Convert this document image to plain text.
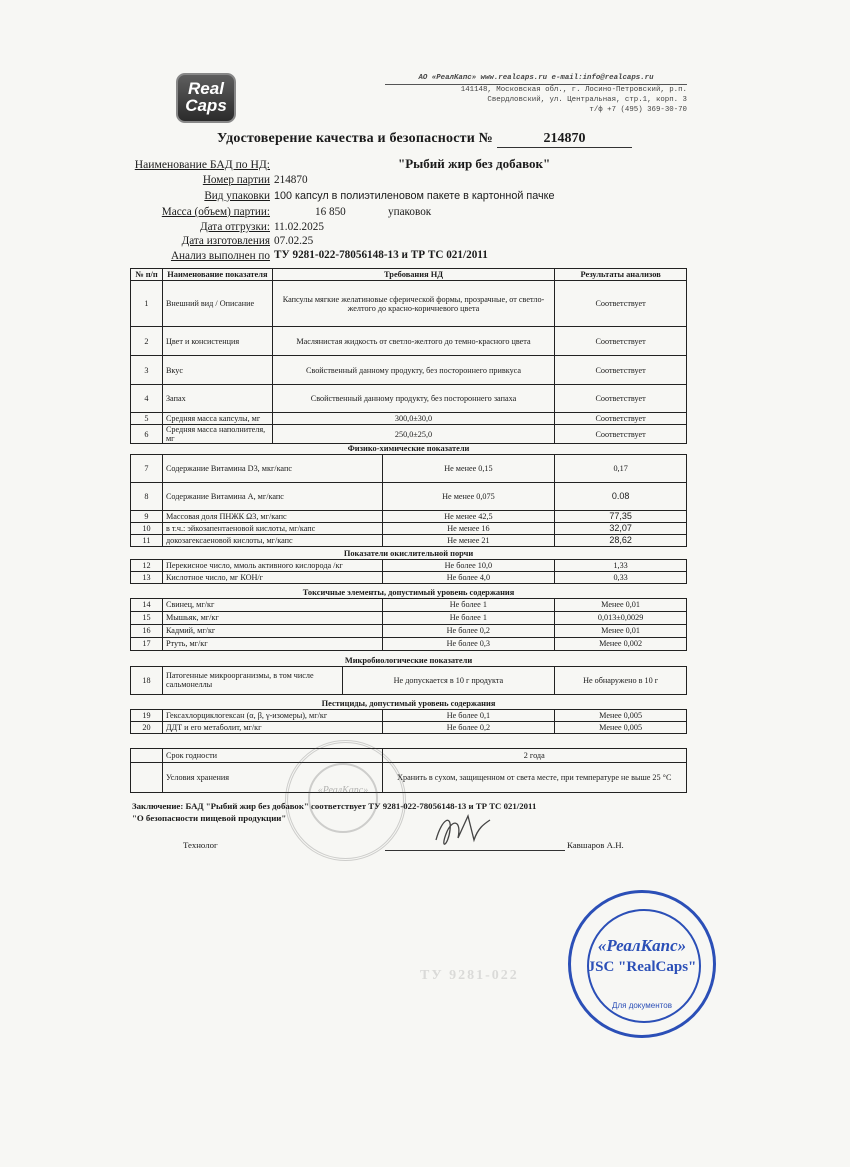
Real
Caps
АО «РеалКапс» www.realcaps.ru e-mail:info@realcaps.ru
141148, Московская обл., г. Лосино-Петровский, р.п.
Свердловский, ул. Центральная, стр.1, корп. 3
т/ф +7 (495) 369-30-70
Удостоверение качества и безопасности №	214870
Наименование БАД по НД:	"Рыбий жир без добавок"
Номер партии 214870
Вид упаковки 100 капсул в полиэтиленовом пакете в картонной пачке
Масса (объем) партии:	16 850	упаковок
Дата отгрузки: 11.02.2025
Дата изготовления 07.02.25
Анализ выполнен по ТУ 9281-022-78056148-13 и ТР ТС 021/2011
№ п/п	Наименование показателя	Требования НД	Результаты анализов
1	Внешний вид / Описание	Капсулы мягкие желатиновые сферической формы, прозрачные, от светло-желтого до красно-коричневого цвета	Соответствует
2	Цвет и консистенция	Маслянистая жидкость от светло-желтого до темно-красного цвета	Соответствует
3	Вкус	Свойственный данному продукту, без постороннего привкуса	Соответствует
4	Запах	Свойственный данному продукту, без постороннего запаха	Соответствует
5	Средняя масса капсулы, мг	300,0±30,0	Соответствует
6	Средняя масса наполнителя, мг	250,0±25,0	Соответствует
Физико-химические показатели			
7	Содержание Витамина D3, мкг/капс	Не менее 0,15	0,17
8	Содержание Витамина А, мг/капс	Не менее 0,075	0.08
9	Массовая доля ПНЖК Ω3, мг/капс	Не менее 42,5	77,35
10	в т.ч.: эйкозапентаеновой кислоты, мг/капс	Не менее 16	32,07
11	докозагексаеновой кислоты, мг/капс	Не менее 21	28,62
Показатели окислительной порчи			
12	Перекисное число, ммоль активного кислорода /кг	Не более 10,0	1,33
13	Кислотное число, мг КОН/г	Не более 4,0	0,33
Токсичные элементы, допустимый уровень содержания			
14	Свинец, мг/кг	Не более 1	Менее 0,01
15	Мышьяк, мг/кг	Не более 1	0,013±0,0029
16	Кадмий, мг/кг	Не более 0,2	Менее 0,01
17	Ртуть, мг/кг	Не более 0,3	Менее 0,002
Микробиологические показатели
18	Патогенные микроорганизмы, в том числе сальмонеллы	Не допускается в 10 г продукта	Не обнаружено в 10 г
Пестициды, допустимый уровень содержания			
19	Гексахлорциклогексан (α, β, γ-изомеры), мг/кг	Не более 0,1	Менее 0,005
20	ДДТ и его метаболит, мг/кг	Не более 0,2	Менее 0,005
	Срок годности	2 года
	Условия хранения	Хранить в сухом, защищенном от света месте, при температуре не выше 25 °С
Заключение: БАД "Рыбий жир без добавок" соответствует ТУ 9281-022-78056148-13 и ТР ТС 021/2011
"О безопасности пищевой продукции"
Технолог	Кавшаров А.Н.
«РеалКапс»
ТУ 9281-022
«РеалКапс»
JSC "RealCaps"
Для документов
